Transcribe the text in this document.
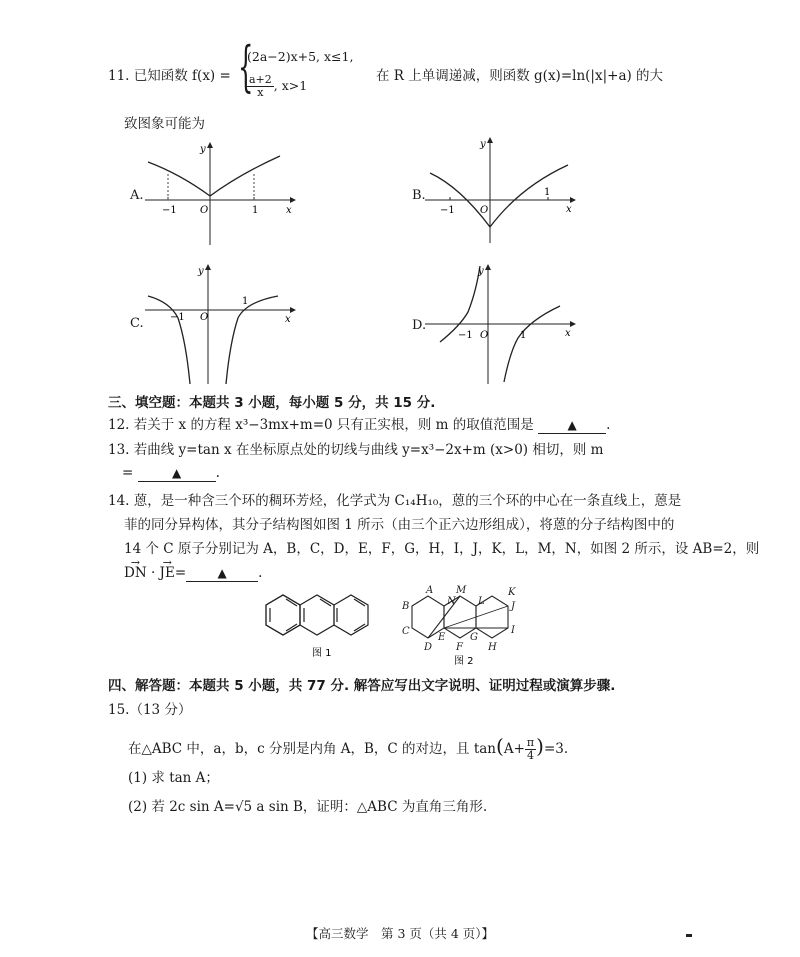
11. 已知函数 f(x) = {
(2a−2)x+5, x≤1,
$\frac{a+2}{x}$ , x>1
在 R 上单调递减，则函数 g(x)=ln(|x|+a) 的大
致图象可能为
A.
−1 O	1	x
y
B.
−1	O
1
x
y
C.	−1 O
1
x
y
D.
−1 O	1	x
y
三、填空题：本题共 3 小题，每小题 5 分，共 15 分.
12. 若关于 x 的方程 x³−3mx+m=0 只有正实根，则 m 的取值范围是	▲ .
13. 若曲线 y=tan x 在坐标原点处的切线与曲线 y=x³−2x+m (x>0) 相切，则 m
=	▲	.
14. 蒽，是一种含三个环的稠环芳烃，化学式为 C₁₄H₁₀，蒽的三个环的中心在一条直线上，蒽是
菲的同分异构体，其分子结构图如图 1 所示（由三个正六边形组成），将蒽的分子结构图中的
14 个 C 原子分别记为 A，B，C，D，E，F，G，H，I，J，K，L，M，N，如图 2 所示，设 AB=2，则
→ DN · → JE=	▲ .
图 1
A M	K
B	N L	J
C
E G
I
D F	H
图 2
四、解答题：本题共 5 小题，共 77 分. 解答应写出文字说明、证明过程或演算步骤.
15.（13 分）
在△ABC 中，a，b，c 分别是内角 A，B，C 的对边，且 $\tan(A+ \frac{\pi}{4} )=3$.
(1) 求 tan A；
(2) 若 2c sin A=√5 a sin B，证明：△ABC 为直角三角形.
【高三数学　第 3 页（共 4 页）】
